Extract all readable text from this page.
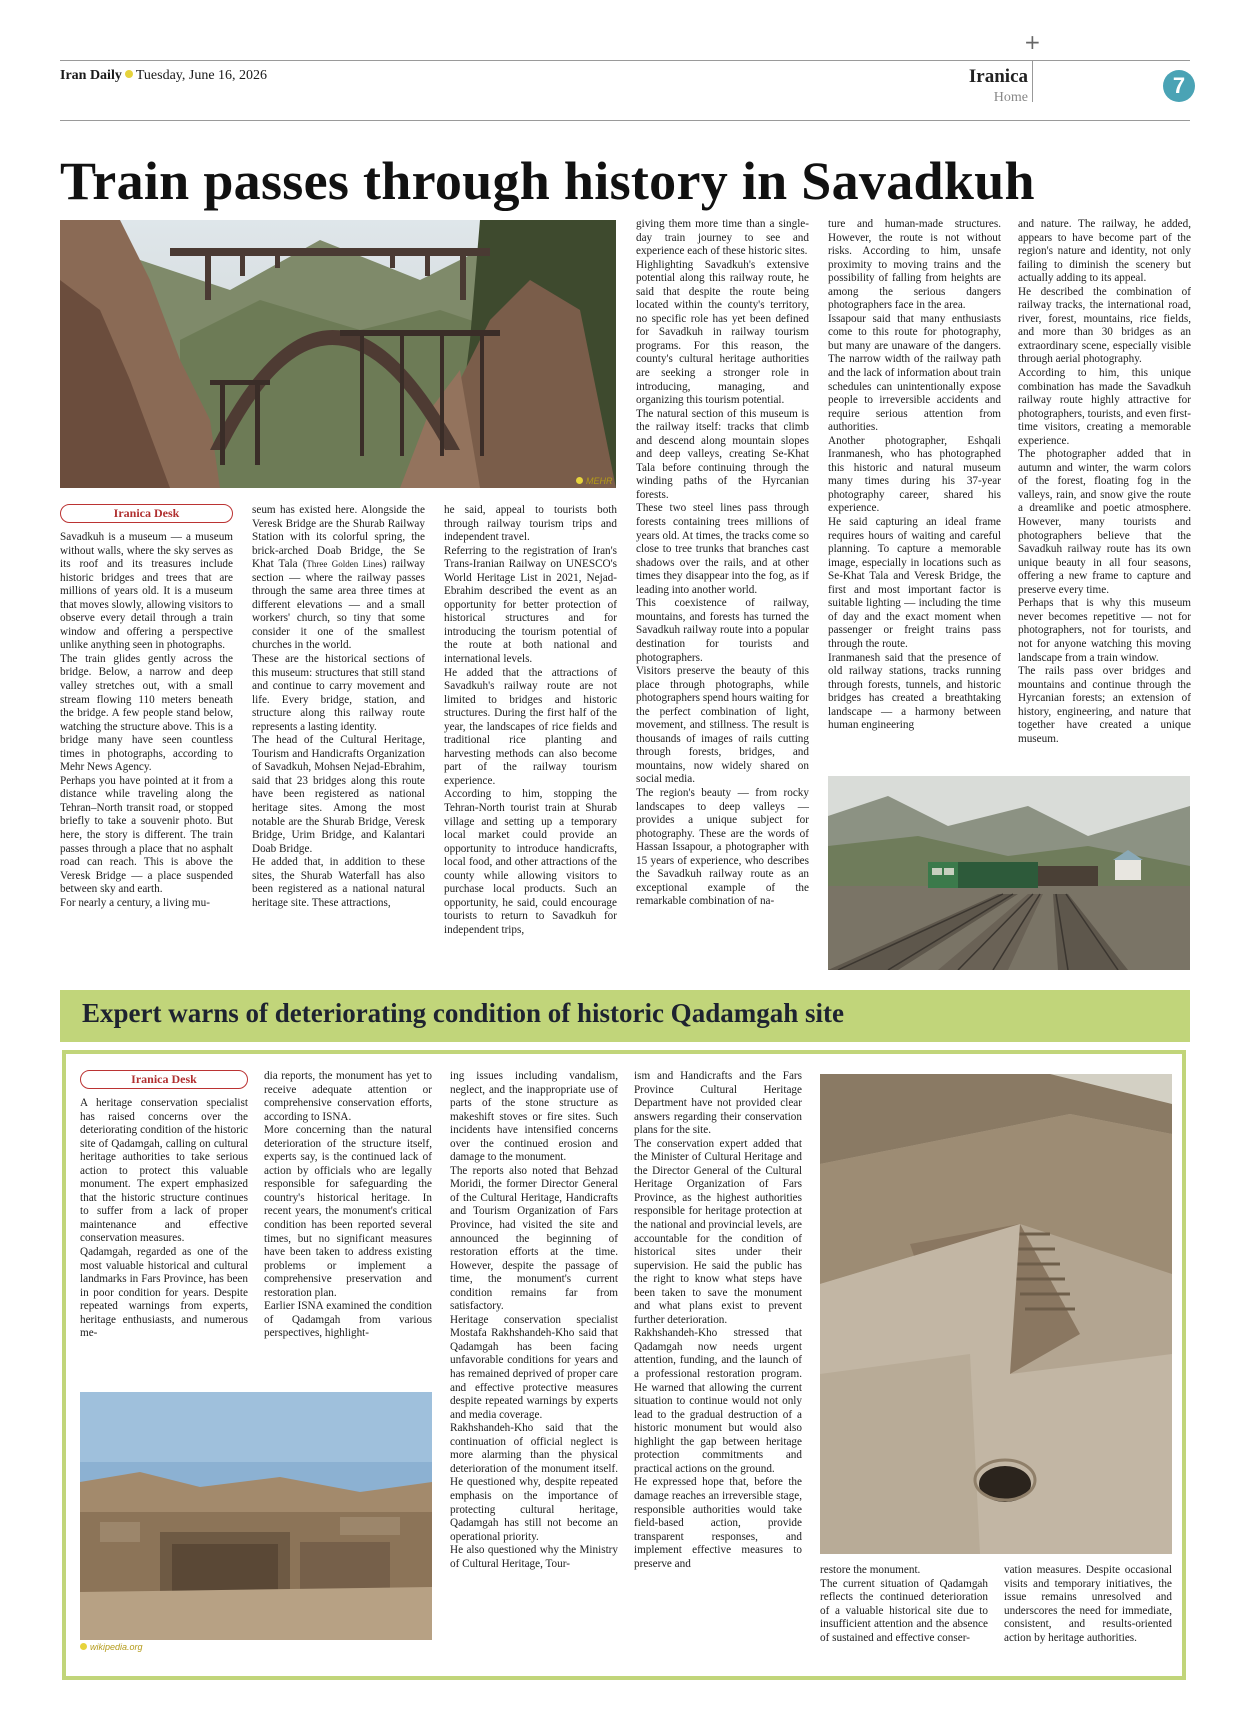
+
Iran Daily Tuesday, June 16, 2026	Iranica
Home	7
Train passes through history in Savadkuh
MEHR
Iranica Desk

Savadkuh is a museum — a museum without walls, where the sky serves as its roof and its treasures include historic bridges and trees that are millions of years old. It is a museum that moves slowly, allowing visitors to observe every detail through a train window and offering a perspective unlike anything seen in photographs.

The train glides gently across the bridge. Below, a narrow and deep valley stretches out, with a small stream flowing 110 meters beneath the bridge. A few people stand below, watching the structure above. This is a bridge many have seen countless times in photographs, according to Mehr News Agency.

Perhaps you have pointed at it from a distance while traveling along the Tehran–North transit road, or stopped briefly to take a souvenir photo. But here, the story is different. The train passes through a place that no asphalt road can reach. This is above the Veresk Bridge — a place suspended between sky and earth.

For nearly a century, a living mu-

seum has existed here. Alongside the Veresk Bridge are the Shurab Railway Station with its colorful spring, the brick-arched Doab Bridge, the Se Khat Tala (Three Golden Lines) railway section — where the railway passes through the same area three times at different elevations — and a small workers' church, so tiny that some consider it one of the smallest churches in the world.

These are the historical sections of this museum: structures that still stand and continue to carry movement and life. Every bridge, station, and structure along this railway route represents a lasting identity.

The head of the Cultural Heritage, Tourism and Handicrafts Organization of Savadkuh, Mohsen Nejad-Ebrahim, said that 23 bridges along this route have been registered as national heritage sites. Among the most notable are the Shurab Bridge, Veresk Bridge, Urim Bridge, and Kalantari Doab Bridge.

He added that, in addition to these sites, the Shurab Waterfall has also been registered as a national natural heritage site. These attractions,

he said, appeal to tourists both through railway tourism trips and independent travel.

Referring to the registration of Iran's Trans-Iranian Railway on UNESCO's World Heritage List in 2021, Nejad-Ebrahim described the event as an opportunity for better protection of historical structures and for introducing the tourism potential of the route at both national and international levels.

He added that the attractions of Savadkuh's railway route are not limited to bridges and historic structures. During the first half of the year, the landscapes of rice fields and traditional rice planting and harvesting methods can also become part of the railway tourism experience.

According to him, stopping the Tehran-North tourist train at Shurab village and setting up a temporary local market could provide an opportunity to introduce handicrafts, local food, and other attractions of the county while allowing visitors to purchase local products. Such an opportunity, he said, could encourage tourists to return to Savadkuh for independent trips,

giving them more time than a single-day train journey to see and experience each of these historic sites.

Highlighting Savadkuh's extensive potential along this railway route, he said that despite the route being located within the county's territory, no specific role has yet been defined for Savadkuh in railway tourism programs. For this reason, the county's cultural heritage authorities are seeking a stronger role in introducing, managing, and organizing this tourism potential.

The natural section of this museum is the railway itself: tracks that climb and descend along mountain slopes and deep valleys, creating Se-Khat Tala before continuing through the winding paths of the Hyrcanian forests.

These two steel lines pass through forests containing trees millions of years old. At times, the tracks come so close to tree trunks that branches cast shadows over the rails, and at other times they disappear into the fog, as if leading into another world.

This coexistence of railway, mountains, and forests has turned the Savadkuh railway route into a popular destination for tourists and photographers.

Visitors preserve the beauty of this place through photographs, while photographers spend hours waiting for the perfect combination of light, movement, and stillness. The result is thousands of images of rails cutting through forests, bridges, and mountains, now widely shared on social media.

The region's beauty — from rocky landscapes to deep valleys — provides a unique subject for photography. These are the words of Hassan Issapour, a photographer with 15 years of experience, who describes the Savadkuh railway route as an exceptional example of the remarkable combination of na-

ture and human-made structures. However, the route is not without risks. According to him, unsafe proximity to moving trains and the possibility of falling from heights are among the serious dangers photographers face in the area.

Issapour said that many enthusiasts come to this route for photography, but many are unaware of the dangers. The narrow width of the railway path and the lack of information about train schedules can unintentionally expose people to irreversible accidents and require serious attention from authorities.

Another photographer, Eshqali Iranmanesh, who has photographed this historic and natural museum many times during his 37-year photography career, shared his experience.

He said capturing an ideal frame requires hours of waiting and careful planning. To capture a memorable image, especially in locations such as Se-Khat Tala and Veresk Bridge, the first and most important factor is suitable lighting — including the time of day and the exact moment when passenger or freight trains pass through the route.

Iranmanesh said that the presence of old railway stations, tracks running through forests, tunnels, and historic bridges has created a breathtaking landscape — a harmony between human engineering

and nature. The railway, he added, appears to have become part of the region's nature and identity, not only failing to diminish the scenery but actually adding to its appeal.

He described the combination of railway tracks, the international road, river, forest, mountains, rice fields, and more than 30 bridges as an extraordinary scene, especially visible through aerial photography.

According to him, this unique combination has made the Savadkuh railway route highly attractive for photographers, tourists, and even first-time visitors, creating a memorable experience.

The photographer added that in autumn and winter, the warm colors of the forest, floating fog in the valleys, rain, and snow give the route a dreamlike and poetic atmosphere. However, many tourists and photographers believe that the Savadkuh railway route has its own unique beauty in all four seasons, offering a new frame to capture and preserve every time.

Perhaps that is why this museum never becomes repetitive — not for photographers, not for tourists, and not for anyone watching this moving landscape from a train window.

The rails pass over bridges and mountains and continue through the Hyrcanian forests; an extension of history, engineering, and nature that together have created a unique museum.

Expert warns of deteriorating condition of historic Qadamgah site
Iranica Desk

A heritage conservation specialist has raised concerns over the deteriorating condition of the historic site of Qadamgah, calling on cultural heritage authorities to take serious action to protect this valuable monument. The expert emphasized that the historic structure continues to suffer from a lack of proper maintenance and effective conservation measures.

Qadamgah, regarded as one of the most valuable historical and cultural landmarks in Fars Province, has been in poor condition for years. Despite repeated warnings from experts, heritage enthusiasts, and numerous me-

dia reports, the monument has yet to receive adequate attention or comprehensive conservation efforts, according to ISNA.

More concerning than the natural deterioration of the structure itself, experts say, is the continued lack of action by officials who are legally responsible for safeguarding the country's historical heritage. In recent years, the monument's critical condition has been reported several times, but no significant measures have been taken to address existing problems or implement a comprehensive preservation and restoration plan.

Earlier ISNA examined the condition of Qadamgah from various perspectives, highlight-

wikipedia.org

ing issues including vandalism, neglect, and the inappropriate use of parts of the stone structure as makeshift stoves or fire sites. Such incidents have intensified concerns over the continued erosion and damage to the monument.

The reports also noted that Behzad Moridi, the former Director General of the Cultural Heritage, Handicrafts and Tourism Organization of Fars Province, had visited the site and announced the beginning of restoration efforts at the time. However, despite the passage of time, the monument's current condition remains far from satisfactory.

Heritage conservation specialist Mostafa Rakhshandeh-Kho said that Qadamgah has been facing unfavorable conditions for years and has remained deprived of proper care and effective protective measures despite repeated warnings by experts and media coverage.

Rakhshandeh-Kho said that the continuation of official neglect is more alarming than the physical deterioration of the monument itself. He questioned why, despite repeated emphasis on the importance of protecting cultural heritage, Qadamgah has still not become an operational priority.

He also questioned why the Ministry of Cultural Heritage, Tour-

ism and Handicrafts and the Fars Province Cultural Heritage Department have not provided clear answers regarding their conservation plans for the site.

The conservation expert added that the Minister of Cultural Heritage and the Director General of the Cultural Heritage Organization of Fars Province, as the highest authorities responsible for heritage protection at the national and provincial levels, are accountable for the condition of historical sites under their supervision. He said the public has the right to know what steps have been taken to save the monument and what plans exist to prevent further deterioration.

Rakhshandeh-Kho stressed that Qadamgah now needs urgent attention, funding, and the launch of a professional restoration program. He warned that allowing the current situation to continue would not only lead to the gradual destruction of a historic monument but would also highlight the gap between heritage protection commitments and practical actions on the ground.

He expressed hope that, before the damage reaches an irreversible stage, responsible authorities would take field-based action, provide transparent responses, and implement effective measures to preserve and

restore the monument.

The current situation of Qadamgah reflects the continued deterioration of a valuable historical site due to insufficient attention and the absence of sustained and effective conser-

vation measures. Despite occasional visits and temporary initiatives, the issue remains unresolved and underscores the need for immediate, consistent, and results-oriented action by heritage authorities.
